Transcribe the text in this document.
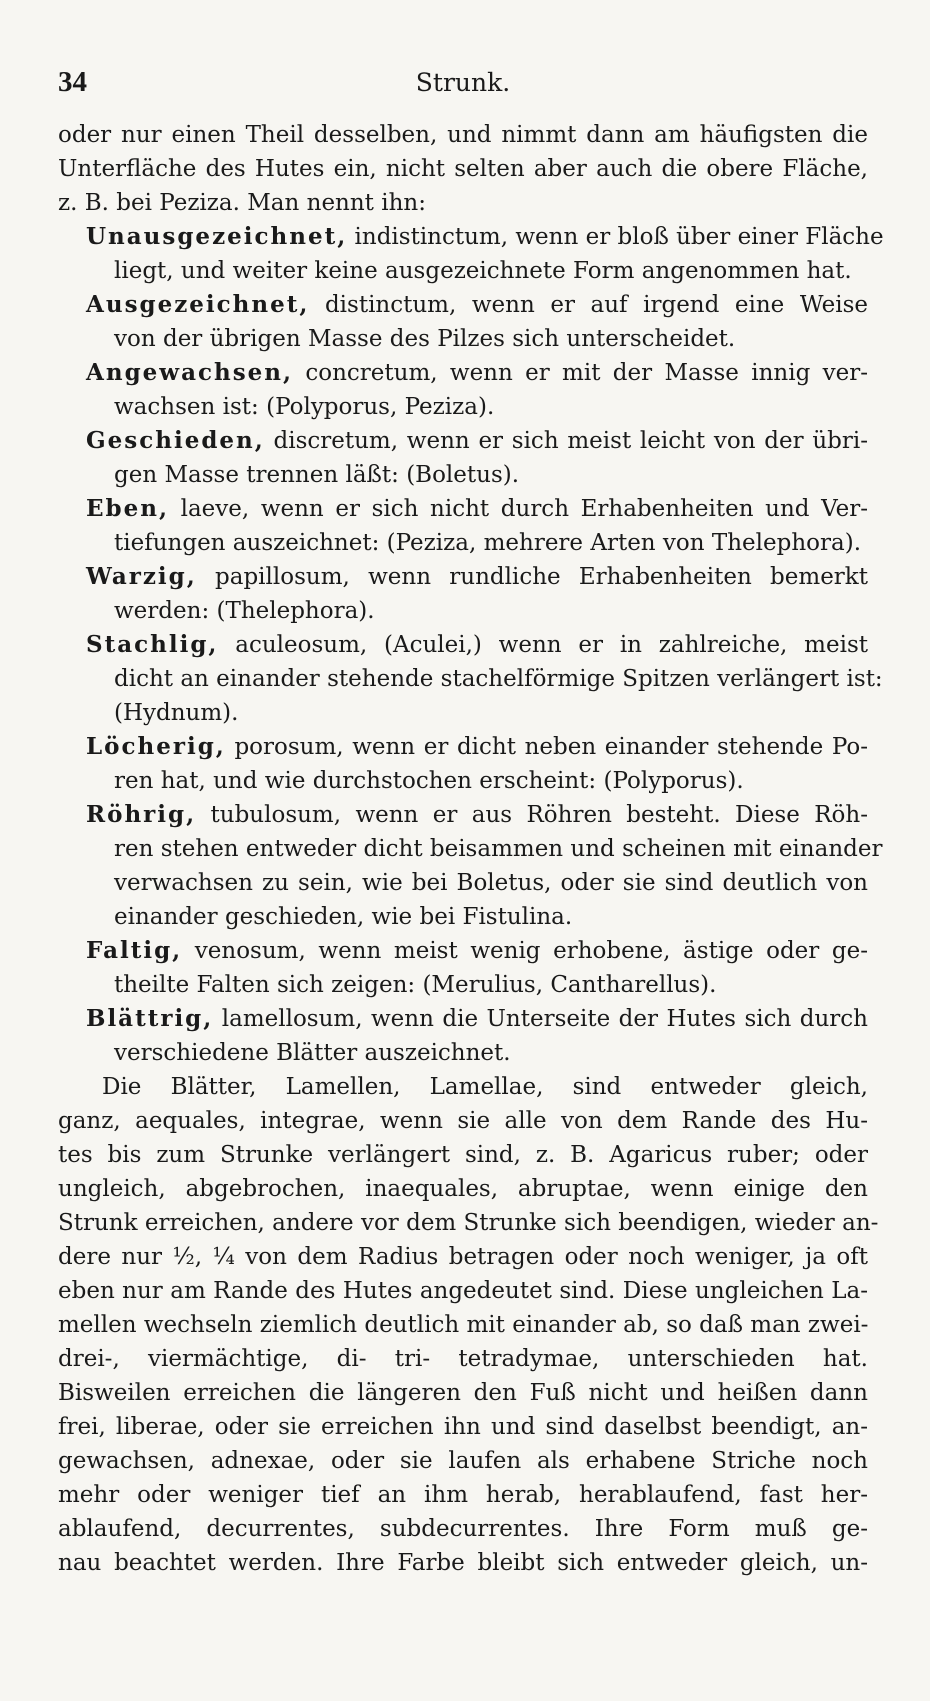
34	Strunk.
oder nur einen Theil desselben, und nimmt dann am häufigsten die
Unterfläche des Hutes ein, nicht selten aber auch die obere Fläche,
z. B. bei Peziza. Man nennt ihn:
Unausgezeichnet, indistinctum, wenn er bloß über einer Fläche
liegt, und weiter keine ausgezeichnete Form angenommen hat.
Ausgezeichnet, distinctum, wenn er auf irgend eine Weise
von der übrigen Masse des Pilzes sich unterscheidet.
Angewachsen, concretum, wenn er mit der Masse innig ver-
wachsen ist: (Polyporus, Peziza).
Geschieden, discretum, wenn er sich meist leicht von der übri-
gen Masse trennen läßt: (Boletus).
Eben, laeve, wenn er sich nicht durch Erhabenheiten und Ver-
tiefungen auszeichnet: (Peziza, mehrere Arten von Thelephora).
Warzig, papillosum, wenn rundliche Erhabenheiten bemerkt
werden: (Thelephora).
Stachlig, aculeosum, (Aculei,) wenn er in zahlreiche, meist
dicht an einander stehende stachelförmige Spitzen verlängert ist:
(Hydnum).
Löcherig, porosum, wenn er dicht neben einander stehende Po-
ren hat, und wie durchstochen erscheint: (Polyporus).
Röhrig, tubulosum, wenn er aus Röhren besteht. Diese Röh-
ren stehen entweder dicht beisammen und scheinen mit einander
verwachsen zu sein, wie bei Boletus, oder sie sind deutlich von
einander geschieden, wie bei Fistulina.
Faltig, venosum, wenn meist wenig erhobene, ästige oder ge-
theilte Falten sich zeigen: (Merulius, Cantharellus).
Blättrig, lamellosum, wenn die Unterseite der Hutes sich durch
verschiedene Blätter auszeichnet.
Die Blätter, Lamellen, Lamellae, sind entweder gleich,
ganz, aequales, integrae, wenn sie alle von dem Rande des Hu-
tes bis zum Strunke verlängert sind, z. B. Agaricus ruber; oder
ungleich, abgebrochen, inaequales, abruptae, wenn einige den
Strunk erreichen, andere vor dem Strunke sich beendigen, wieder an-
dere nur ½, ¼ von dem Radius betragen oder noch weniger, ja oft
eben nur am Rande des Hutes angedeutet sind. Diese ungleichen La-
mellen wechseln ziemlich deutlich mit einander ab, so daß man zwei-
drei-, viermächtige, di- tri- tetradymae, unterschieden hat.
Bisweilen erreichen die längeren den Fuß nicht und heißen dann
frei, liberae, oder sie erreichen ihn und sind daselbst beendigt, an-
gewachsen, adnexae, oder sie laufen als erhabene Striche noch
mehr oder weniger tief an ihm herab, herablaufend, fast her-
ablaufend, decurrentes, subdecurrentes. Ihre Form muß ge-
nau beachtet werden. Ihre Farbe bleibt sich entweder gleich, un-
